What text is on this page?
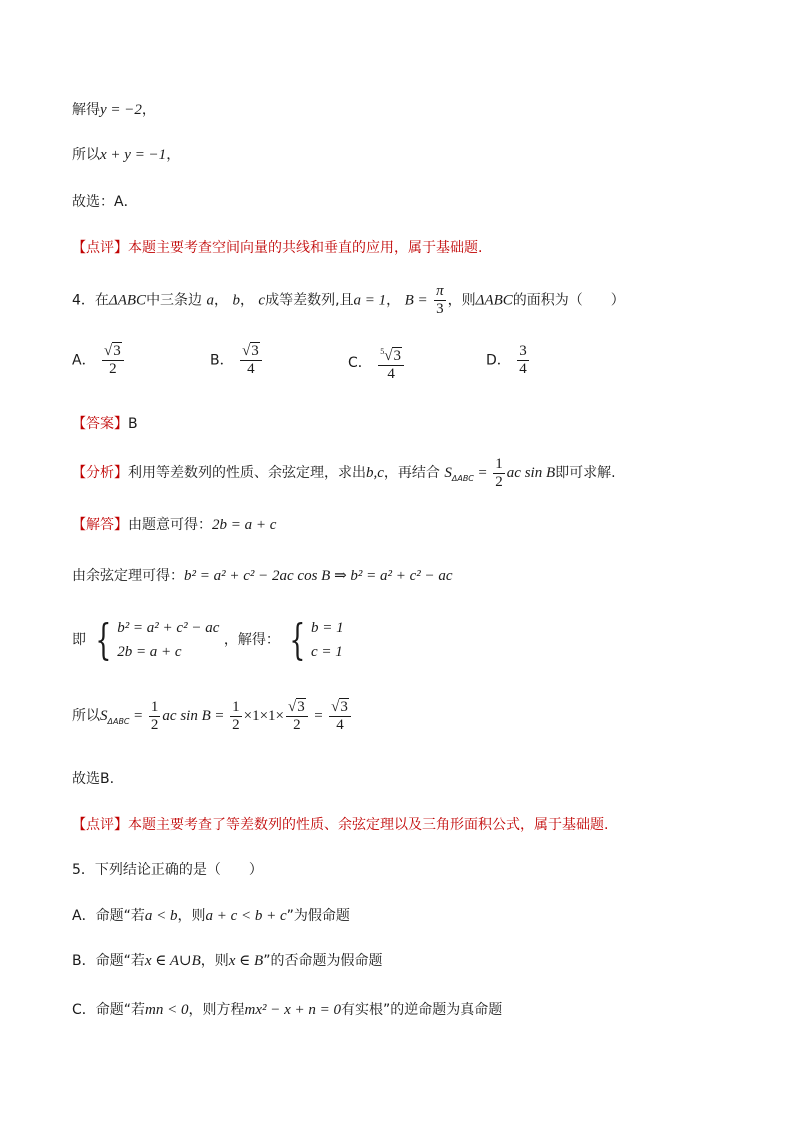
解得y = −2，
所以x + y = −1，
故选：A．
【点评】本题主要考查空间向量的共线和垂直的应用，属于基础题.
4．在ΔABC中三条边 a， b， c成等差数列,且a = 1， $B = \frac{\pi}{3}$ ，则ΔABC的面积为（　　）
A． $\frac{√3}{2}$	B． $\frac{√3}{4}$	C． $\frac{^5√3}{4}$	D． $\frac{3}{4}$
【答案】B
【分析】利用等差数列的性质、余弦定理，求出b,c，再结合 $S_{\Delta ABC} = \frac{1}{2}$ ac sin B即可求解.
【解答】由题意可得：2b = a + c
由余弦定理可得：b² = a² + c² − 2ac cos B ⇒ b² = a² + c² − ac
即 { b² = a² + c² − ac
2b = a + c
，解得： { b = 1
c = 1
所以$S_{\Delta ABC} = \frac{1}{2}$ ac $\sin B = \frac{1}{2} \times 1\times 1\times \frac{√3}{2} = \frac{√3}{4}$
故选B.
【点评】本题主要考查了等差数列的性质、余弦定理以及三角形面积公式，属于基础题.
5．下列结论正确的是（　　）
A．命题“若a < b，则a + c < b + c”为假命题
B．命题“若x ∈ A∪B，则x ∈ B”的否命题为假命题
C．命题“若mn < 0，则方程mx² − x + n = 0有实根”的逆命题为真命题
